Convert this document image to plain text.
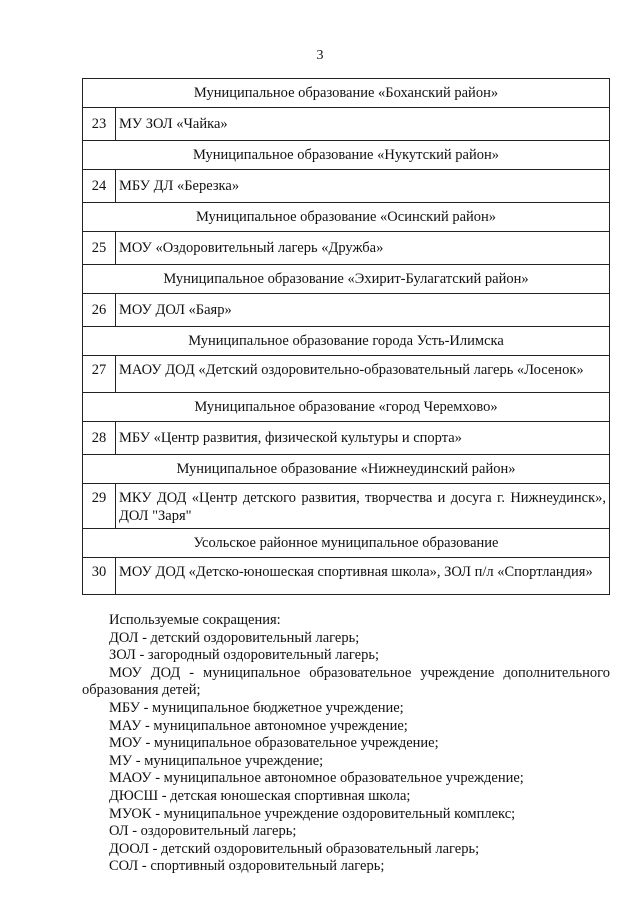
3
Муниципальное образование «Боханский район»	
23	МУ ЗОЛ «Чайка»
Муниципальное образование «Нукутский район»	
24	МБУ ДЛ «Березка»
Муниципальное образование «Осинский район»	
25	МОУ «Оздоровительный лагерь «Дружба»
Муниципальное образование «Эхирит-Булагатский район»	
26	МОУ ДОЛ «Баяр»
Муниципальное образование города Усть-Илимска	
27	МАОУ ДОД «Детский оздоровительно-образовательный лагерь «Лосенок»
Муниципальное образование «город Черемхово»	
28	МБУ «Центр развития, физической культуры и спорта»
Муниципальное образование «Нижнеудинский район»	
29	МКУ ДОД «Центр детского развития, творчества и досуга г. Нижнеудинск», ДОЛ "Заря"
Усольское районное муниципальное образование	
30	МОУ ДОД «Детско-юношеская спортивная школа», ЗОЛ п/л «Спортландия»

Используемые сокращения:

ДОЛ - детский оздоровительный лагерь;

ЗОЛ - загородный оздоровительный лагерь;

МОУ ДОД - муниципальное образовательное учреждение дополнительного образования детей;

МБУ - муниципальное бюджетное учреждение;

МАУ - муниципальное автономное учреждение;

МОУ - муниципальное образовательное учреждение;

МУ - муниципальное учреждение;

МАОУ - муниципальное автономное образовательное учреждение;

ДЮСШ - детская юношеская спортивная школа;

МУОК - муниципальное учреждение оздоровительный комплекс;

ОЛ - оздоровительный лагерь;

ДООЛ - детский оздоровительный образовательный лагерь;

СОЛ - спортивный оздоровительный лагерь;
